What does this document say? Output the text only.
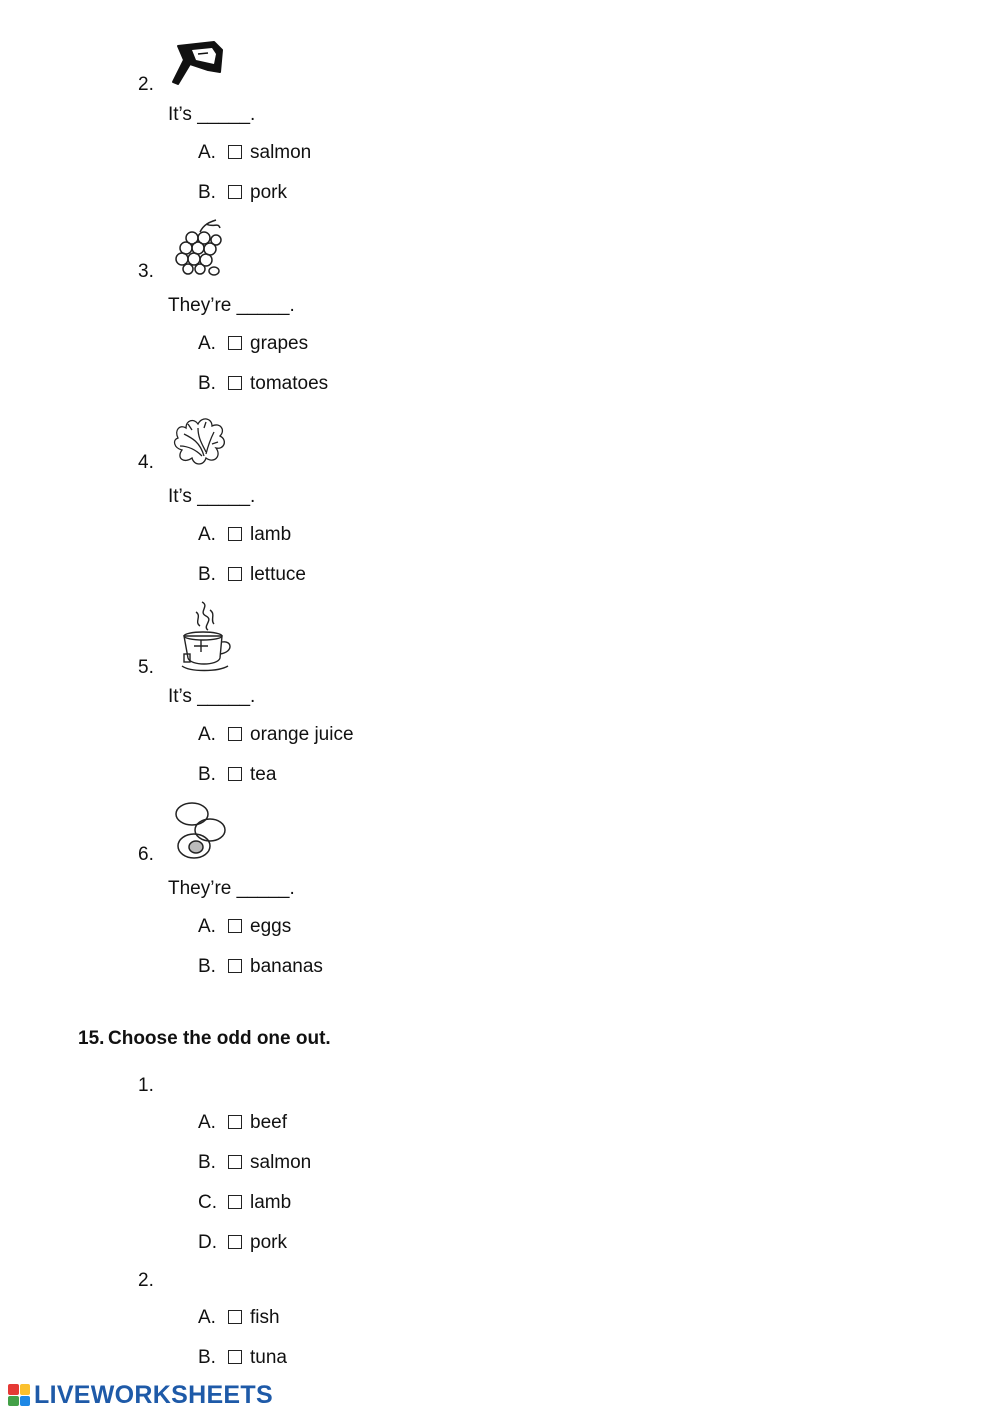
2.
It’s _____.
A. salmon
B. pork
3.
They’re _____.
A. grapes
B. tomatoes
4.
It’s _____.
A. lamb
B. lettuce
5.
It’s _____.
A. orange juice
B. tea
6.
They’re _____.
A. eggs
B. bananas
15. Choose the odd one out.
1.
A. beef
B. salmon
C. lamb
D. pork
2.
A. fish
B. tuna
LIVEWORKSHEETS
